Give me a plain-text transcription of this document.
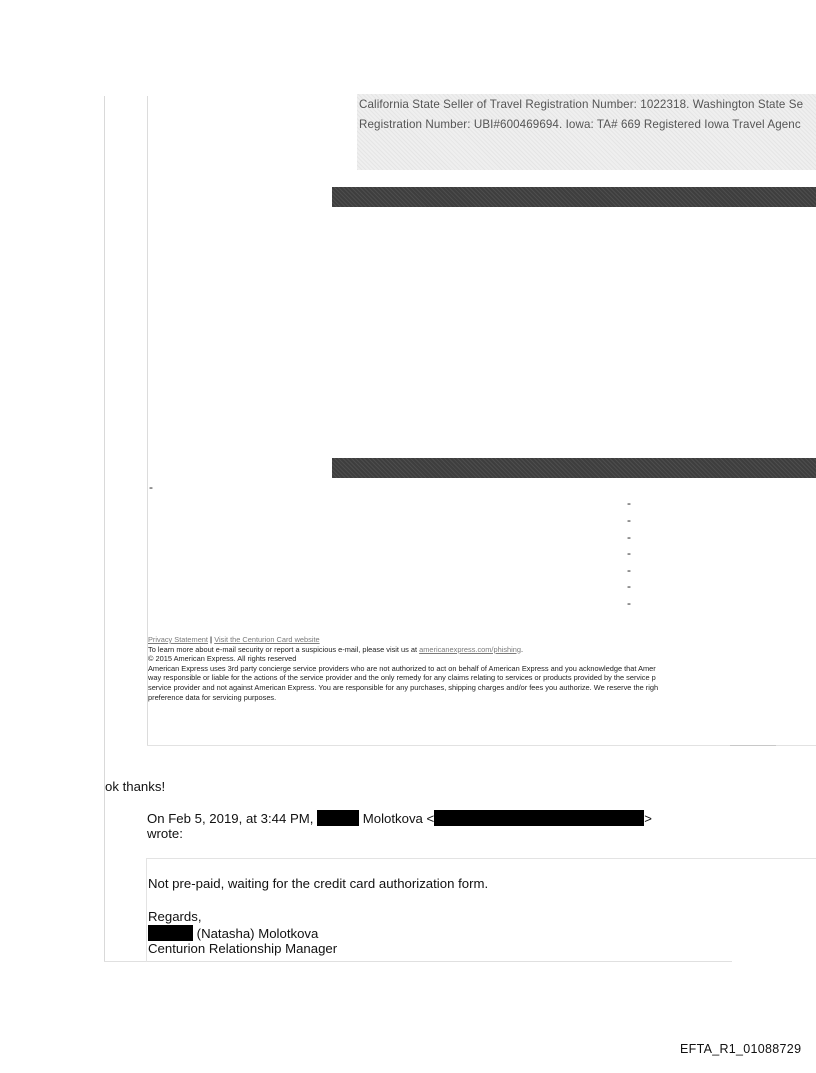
California State Seller of Travel Registration Number: 1022318. Washington State Se
Registration Number: UBI#600469694. Iowa: TA# 669 Registered Iowa Travel Agenc
-
-
-
-
-
-
-
-
Privacy Statement | Visit the Centurion Card website
To learn more about e-mail security or report a suspicious e-mail, please visit us at americanexpress.com/phishing.
© 2015 American Express. All rights reserved
American Express uses 3rd party concierge service providers who are not authorized to act on behalf of American Express and you acknowledge that Amer
way responsible or liable for the actions of the service provider and the only remedy for any claims relating to services or products provided by the service p
service provider and not against American Express. You are responsible for any purchases, shipping charges and/or fees you authorize. We reserve the righ
preference data for servicing purposes.
ok thanks!
On Feb 5, 2019, at 3:44 PM,	Molotkova <	>
wrote:
Not pre-paid, waiting for the credit card authorization form.
Regards,
(Natasha) Molotkova
Centurion Relationship Manager
EFTA_R1_01088729
